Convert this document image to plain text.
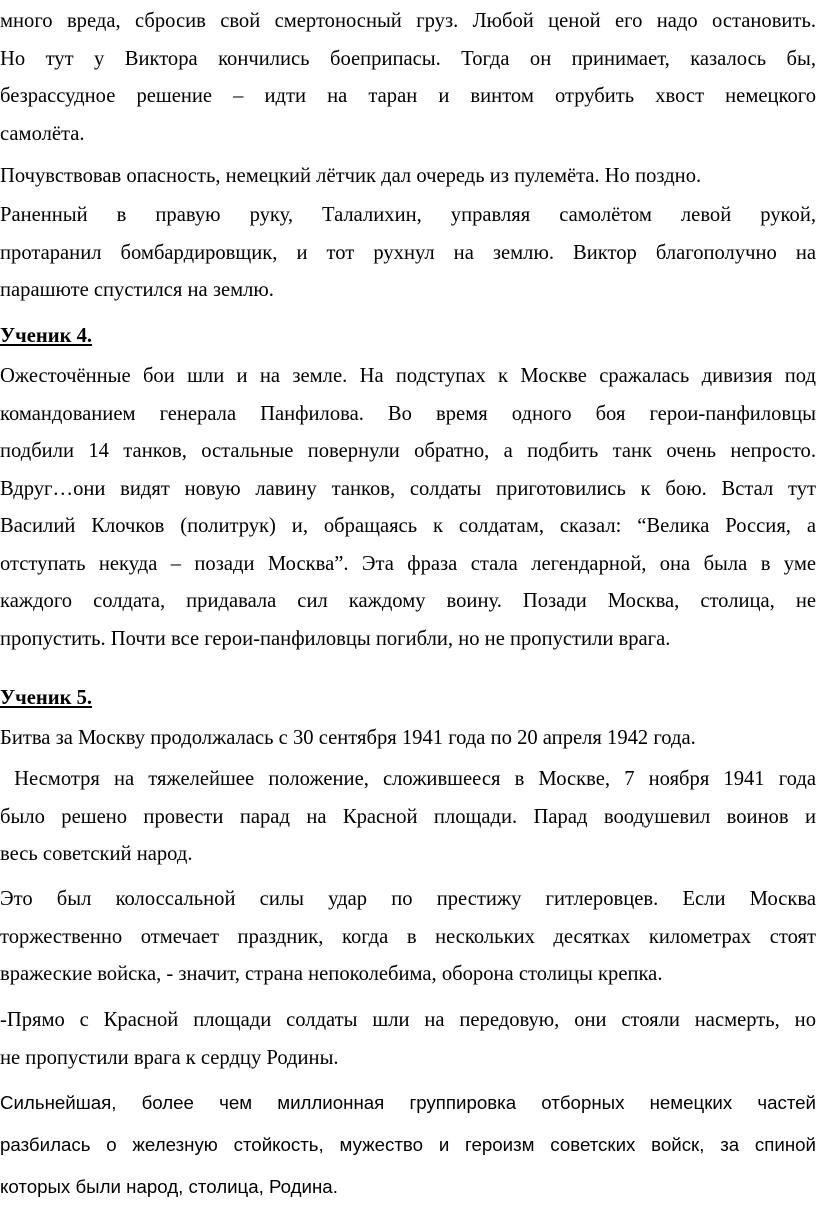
много вреда, сбросив свой смертоносный груз. Любой ценой его надо остановить.
Но тут у Виктора кончились боеприпасы. Тогда он принимает, казалось бы,
безрассудное решение – идти на таран и винтом отрубить хвост немецкого
самолёта.
Почувствовав опасность, немецкий лётчик дал очередь из пулемёта. Но поздно.
Раненный в правую руку, Талалихин, управляя самолётом левой рукой,
протаранил бомбардировщик, и тот рухнул на землю. Виктор благополучно на
парашюте спустился на землю.
Ученик 4.
Ожесточённые бои шли и на земле. На подступах к Москве сражалась дивизия под
командованием генерала Панфилова. Во время одного боя герои-панфиловцы
подбили 14 танков, остальные повернули обратно, а подбить танк очень непросто.
Вдруг…они видят новую лавину танков, солдаты приготовились к бою. Встал тут
Василий Клочков (политрук) и, обращаясь к солдатам, сказал: “Велика Россия, а
отступать некуда – позади Москва”. Эта фраза стала легендарной, она была в уме
каждого солдата, придавала сил каждому воину. Позади Москва, столица, не
пропустить. Почти все герои-панфиловцы погибли, но не пропустили врага.
Ученик 5.
Битва за Москву продолжалась с 30 сентября 1941 года по 20 апреля 1942 года.
Несмотря на тяжелейшее положение, сложившееся в Москве, 7 ноября 1941 года
было решено провести парад на Красной площади. Парад воодушевил воинов и
весь советский народ.
Это был колоссальной силы удар по престижу гитлеровцев. Если Москва
торжественно отмечает праздник, когда в нескольких десятках километрах стоят
вражеские войска, - значит, страна непоколебима, оборона столицы крепка.
-Прямо с Красной площади солдаты шли на передовую, они стояли насмерть, но
не пропустили врага к сердцу Родины.
Сильнейшая, более чем миллионная группировка отборных немецких частей
разбилась о железную стойкость, мужество и героизм советских войск, за спиной
которых были народ, столица, Родина.
